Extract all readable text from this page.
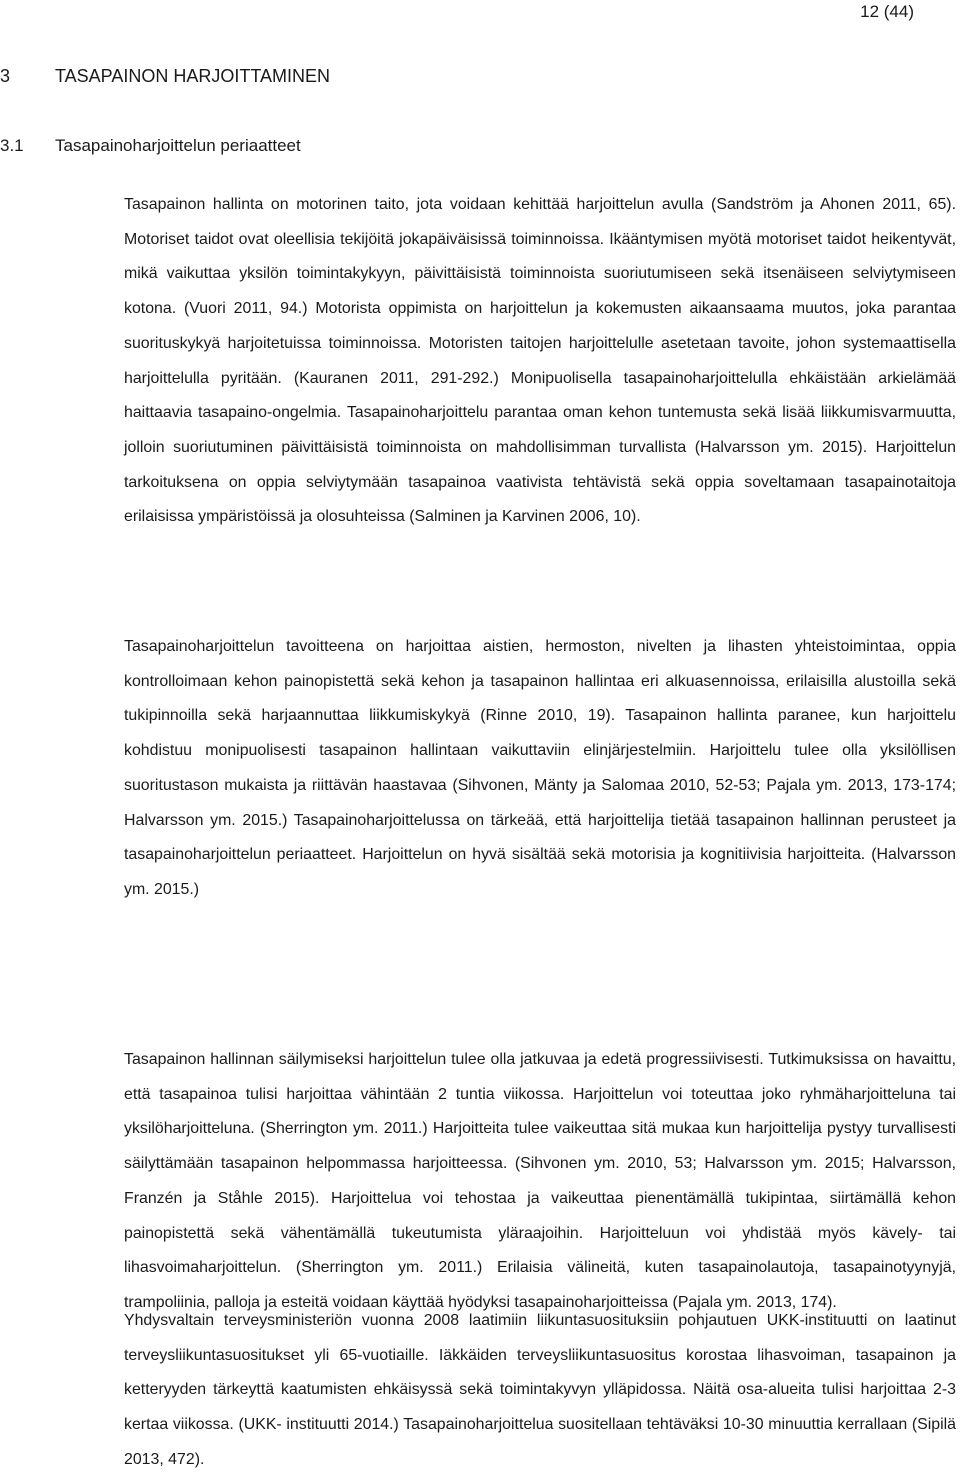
12 (44)
3 TASAPAINON HARJOITTAMINEN
3.1 Tasapainoharjoittelun periaatteet

Tasapainon hallinta on motorinen taito, jota voidaan kehittää harjoittelun avulla (Sandström ja Ahonen 2011, 65). Motoriset taidot ovat oleellisia tekijöitä jokapäiväisissä toiminnoissa. Ikääntymisen myötä motoriset taidot heikentyvät, mikä vaikuttaa yksilön toimintakykyyn, päivittäisistä toiminnoista suoriutumiseen sekä itsenäiseen selviytymiseen kotona. (Vuori 2011, 94.) Motorista oppimista on harjoittelun ja kokemusten aikaansaama muutos, joka parantaa suorituskykyä harjoitetuissa toiminnoissa. Motoristen taitojen harjoittelulle asetetaan tavoite, johon systemaattisella harjoittelulla pyritään. (Kauranen 2011, 291-292.) Monipuolisella tasapainoharjoittelulla ehkäistään arkielämää haittaavia tasapaino-ongelmia. Tasapainoharjoittelu parantaa oman kehon tuntemusta sekä lisää liikkumisvarmuutta, jolloin suoriutuminen päivittäisistä toiminnoista on mahdollisimman turvallista (Halvarsson ym. 2015). Harjoittelun tarkoituksena on oppia selviytymään tasapainoa vaativista tehtävistä sekä oppia soveltamaan tasapainotaitoja erilaisissa ympäristöissä ja olosuhteissa (Salminen ja Karvinen 2006, 10).

Tasapainoharjoittelun tavoitteena on harjoittaa aistien, hermoston, nivelten ja lihasten yhteistoimintaa, oppia kontrolloimaan kehon painopistettä sekä kehon ja tasapainon hallintaa eri alkuasennoissa, erilaisilla alustoilla sekä tukipinnoilla sekä harjaannuttaa liikkumiskykyä (Rinne 2010, 19). Tasapainon hallinta paranee, kun harjoittelu kohdistuu monipuolisesti tasapainon hallintaan vaikuttaviin elinjärjestelmiin. Harjoittelu tulee olla yksilöllisen suoritustason mukaista ja riittävän haastavaa (Sihvonen, Mänty ja Salomaa 2010, 52-53; Pajala ym. 2013, 173-174; Halvarsson ym. 2015.) Tasapainoharjoittelussa on tärkeää, että harjoittelija tietää tasapainon hallinnan perusteet ja tasapainoharjoittelun periaatteet. Harjoittelun on hyvä sisältää sekä motorisia ja kognitiivisia harjoitteita. (Halvarsson ym. 2015.)

Tasapainon hallinnan säilymiseksi harjoittelun tulee olla jatkuvaa ja edetä progressiivisesti. Tutkimuksissa on havaittu, että tasapainoa tulisi harjoittaa vähintään 2 tuntia viikossa. Harjoittelun voi toteuttaa joko ryhmäharjoitteluna tai yksilöharjoitteluna. (Sherrington ym. 2011.) Harjoitteita tulee vaikeuttaa sitä mukaa kun harjoittelija pystyy turvallisesti säilyttämään tasapainon helpommassa harjoitteessa. (Sihvonen ym. 2010, 53; Halvarsson ym. 2015; Halvarsson, Franzén ja Ståhle 2015). Harjoittelua voi tehostaa ja vaikeuttaa pienentämällä tukipintaa, siirtämällä kehon painopistettä sekä vähentämällä tukeutumista yläraajoihin. Harjoitteluun voi yhdistää myös kävely- tai lihasvoimaharjoittelun. (Sherrington ym. 2011.) Erilaisia välineitä, kuten tasapainolautoja, tasapainotyynyjä, trampoliinia, palloja ja esteitä voidaan käyttää hyödyksi tasapainoharjoitteissa (Pajala ym. 2013, 174).

Yhdysvaltain terveysministeriön vuonna 2008 laatimiin liikuntasuosituksiin pohjautuen UKK-instituutti on laatinut terveysliikuntasuositukset yli 65-vuotiaille. Iäkkäiden terveysliikuntasuositus korostaa lihasvoiman, tasapainon ja ketteryyden tärkeyttä kaatumisten ehkäisyssä sekä toimintakyvyn ylläpidossa. Näitä osa-alueita tulisi harjoittaa 2-3 kertaa viikossa. (UKK- instituutti 2014.) Tasapainoharjoittelua suositellaan tehtäväksi 10-30 minuuttia kerrallaan (Sipilä 2013, 472).
